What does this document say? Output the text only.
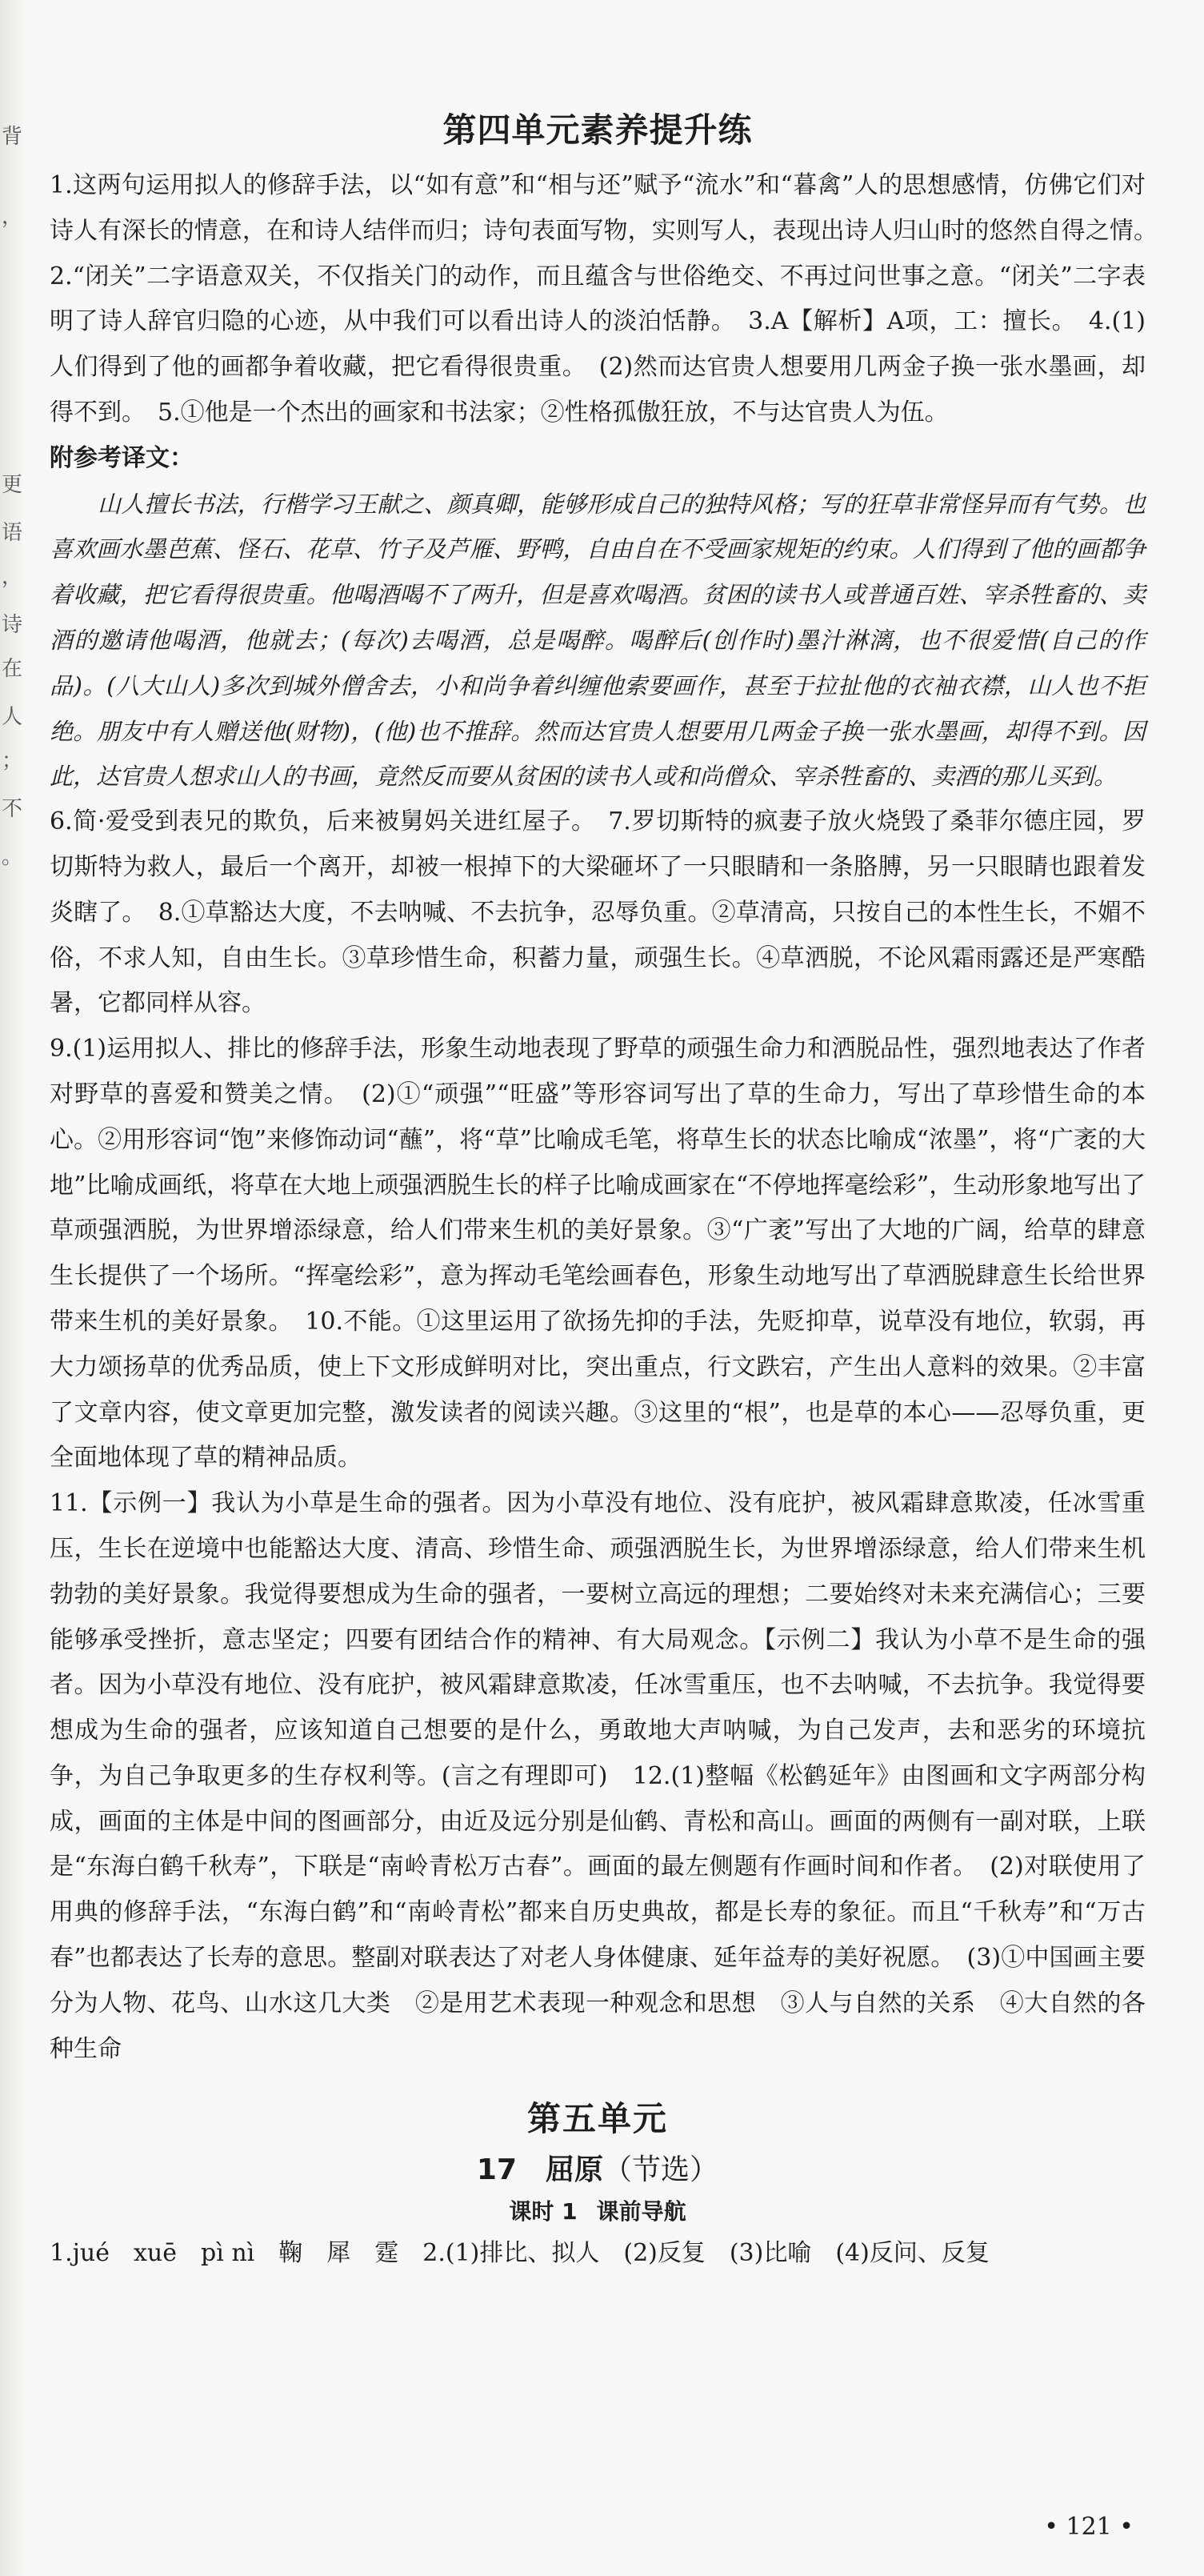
背
，
更
语
，
诗
在
人
；
不
。
第四单元素养提升练

1.这两句运用拟人的修辞手法，以“如有意”和“相与还”赋予“流水”和“暮禽”人的思想感情，仿佛它们对诗人有深长的情意，在和诗人结伴而归；诗句表面写物，实则写人，表现出诗人归山时的悠然自得之情。　2.“闭关”二字语意双关，不仅指关门的动作，而且蕴含与世俗绝交、不再过问世事之意。“闭关”二字表明了诗人辞官归隐的心迹，从中我们可以看出诗人的淡泊恬静。　3.A【解析】A项，工：擅长。　4.(1)人们得到了他的画都争着收藏，把它看得很贵重。　(2)然而达官贵人想要用几两金子换一张水墨画，却得不到。　5.①他是一个杰出的画家和书法家；②性格孤傲狂放，不与达官贵人为伍。

附参考译文：

山人擅长书法，行楷学习王献之、颜真卿，能够形成自己的独特风格；写的狂草非常怪异而有气势。也喜欢画水墨芭蕉、怪石、花草、竹子及芦雁、野鸭，自由自在不受画家规矩的约束。人们得到了他的画都争着收藏，把它看得很贵重。他喝酒喝不了两升，但是喜欢喝酒。贫困的读书人或普通百姓、宰杀牲畜的、卖酒的邀请他喝酒，他就去；(每次)去喝酒，总是喝醉。喝醉后(创作时)墨汁淋漓，也不很爱惜(自己的作品)。(八大山人)多次到城外僧舍去，小和尚争着纠缠他索要画作，甚至于拉扯他的衣袖衣襟，山人也不拒绝。朋友中有人赠送他(财物)，(他)也不推辞。然而达官贵人想要用几两金子换一张水墨画，却得不到。因此，达官贵人想求山人的书画，竟然反而要从贫困的读书人或和尚僧众、宰杀牲畜的、卖酒的那儿买到。

6.简·爱受到表兄的欺负，后来被舅妈关进红屋子。　7.罗切斯特的疯妻子放火烧毁了桑菲尔德庄园，罗切斯特为救人，最后一个离开，却被一根掉下的大梁砸坏了一只眼睛和一条胳膊，另一只眼睛也跟着发炎瞎了。　8.①草豁达大度，不去呐喊、不去抗争，忍辱负重。②草清高，只按自己的本性生长，不媚不俗，不求人知，自由生长。③草珍惜生命，积蓄力量，顽强生长。④草洒脱，不论风霜雨露还是严寒酷暑，它都同样从容。

9.(1)运用拟人、排比的修辞手法，形象生动地表现了野草的顽强生命力和洒脱品性，强烈地表达了作者对野草的喜爱和赞美之情。　(2)①“顽强”“旺盛”等形容词写出了草的生命力，写出了草珍惜生命的本心。②用形容词“饱”来修饰动词“蘸”，将“草”比喻成毛笔，将草生长的状态比喻成“浓墨”，将“广袤的大地”比喻成画纸，将草在大地上顽强洒脱生长的样子比喻成画家在“不停地挥毫绘彩”，生动形象地写出了草顽强洒脱，为世界增添绿意，给人们带来生机的美好景象。③“广袤”写出了大地的广阔，给草的肆意生长提供了一个场所。“挥毫绘彩”，意为挥动毛笔绘画春色，形象生动地写出了草洒脱肆意生长给世界带来生机的美好景象。　10.不能。①这里运用了欲扬先抑的手法，先贬抑草，说草没有地位，软弱，再大力颂扬草的优秀品质，使上下文形成鲜明对比，突出重点，行文跌宕，产生出人意料的效果。②丰富了文章内容，使文章更加完整，激发读者的阅读兴趣。③这里的“根”，也是草的本心——忍辱负重，更全面地体现了草的精神品质。

11.【示例一】我认为小草是生命的强者。因为小草没有地位、没有庇护，被风霜肆意欺凌，任冰雪重压，生长在逆境中也能豁达大度、清高、珍惜生命、顽强洒脱生长，为世界增添绿意，给人们带来生机勃勃的美好景象。我觉得要想成为生命的强者，一要树立高远的理想；二要始终对未来充满信心；三要能够承受挫折，意志坚定；四要有团结合作的精神、有大局观念。【示例二】我认为小草不是生命的强者。因为小草没有地位、没有庇护，被风霜肆意欺凌，任冰雪重压，也不去呐喊，不去抗争。我觉得要想成为生命的强者，应该知道自己想要的是什么，勇敢地大声呐喊，为自己发声，去和恶劣的环境抗争，为自己争取更多的生存权利等。(言之有理即可)　12.(1)整幅《松鹤延年》由图画和文字两部分构成，画面的主体是中间的图画部分，由近及远分别是仙鹤、青松和高山。画面的两侧有一副对联，上联是“东海白鹤千秋寿”，下联是“南岭青松万古春”。画面的最左侧题有作画时间和作者。　(2)对联使用了用典的修辞手法，“东海白鹤”和“南岭青松”都来自历史典故，都是长寿的象征。而且“千秋寿”和“万古春”也都表达了长寿的意思。整副对联表达了对老人身体健康、延年益寿的美好祝愿。　(3)①中国画主要分为人物、花鸟、山水这几大类　②是用艺术表现一种观念和思想　③人与自然的关系　④大自然的各种生命

第五单元
17 屈原（节选）
课时 1 课前导航

1.jué　xuē　pì nì　鞠　犀　霆　2.(1)排比、拟人　(2)反复　(3)比喻　(4)反问、反复

• 121 •
